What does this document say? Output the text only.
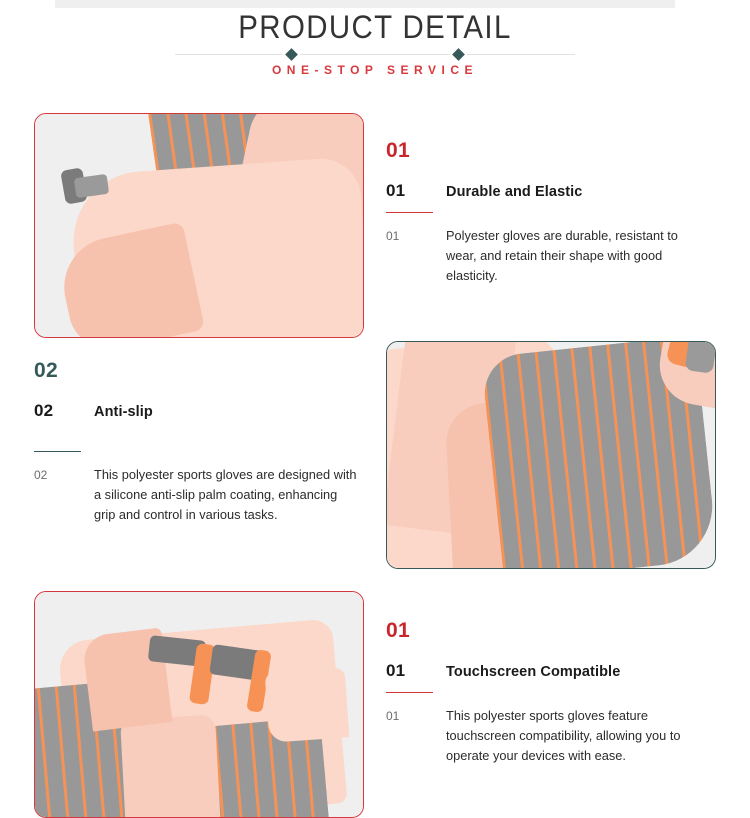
PRODUCT DETAIL
ONE-STOP SERVICE
01
01	Durable and Elastic
01	Polyester gloves are durable, resistant to wear, and retain their shape with good elasticity.
02
02	Anti-slip
02	This polyester sports gloves are designed with a silicone anti-slip palm coating, enhancing grip and control in various tasks.
01
01	Touchscreen Compatible
01	This polyester sports gloves feature touchscreen compatibility, allowing you to operate your devices with ease.
